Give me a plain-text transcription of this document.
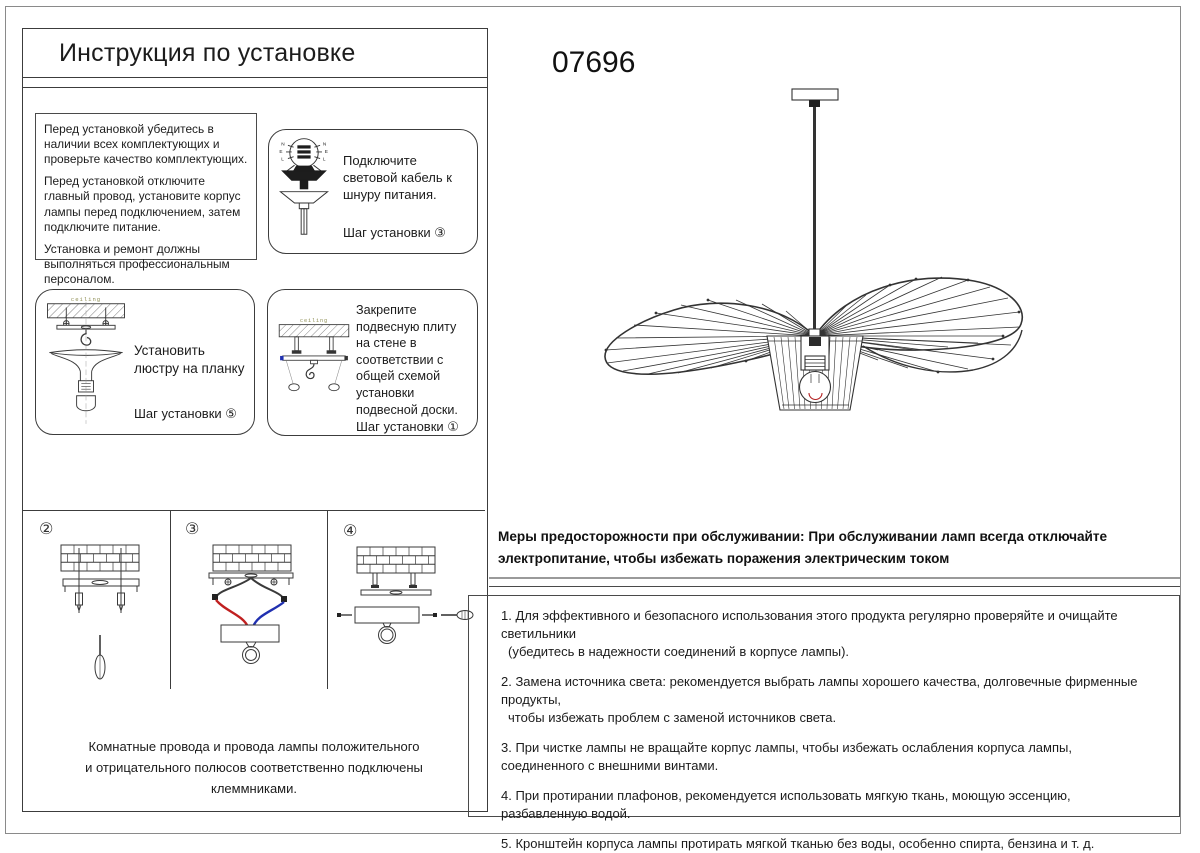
Инструкция по установке

Перед установкой убедитесь в наличии всех комплектующих и проверьте качество комплектующих.

Перед установкой отключите главный провод, установите корпус лампы перед подключением, затем подключите питание.

Установка и ремонт должны выполняться профессиональным персоналом.

N
E
L
N
E
L Подключите световой кабель к шнуру питания.
Шаг установки ③
ceiling
Установить люстру на планку
Шаг установки ⑤
ceiling
Закрепите подвесную плиту на стене в соответствии с общей схемой установки подвесной доски.
Шаг установки ①
②	③	④
Комнатные провода и провода лампы положительного
и отрицательного полюсов соответственно подключены
клеммниками.
07696
Меры предосторожности при обслуживании: При обслуживании ламп всегда отключайте
электропитание, чтобы избежать поражения электрическим током
1. Для эффективного и безопасного использования этого продукта регулярно проверяйте и очищайте светильники
(убедитесь в надежности соединений в корпусе лампы).
2. Замена источника света: рекомендуется выбрать лампы хорошего качества, долговечные фирменные продукты,
чтобы избежать проблем с заменой источников света.
3. При чистке лампы не вращайте корпус лампы, чтобы избежать ослабления корпуса лампы,
соединенного с внешними винтами.
4. При протирании плафонов, рекомендуется использовать мягкую ткань, моющую эссенцию,
разбавленную водой.
5. Кронштейн корпуса лампы протирать мягкой тканью без воды, особенно спирта, бензина и т. д.
